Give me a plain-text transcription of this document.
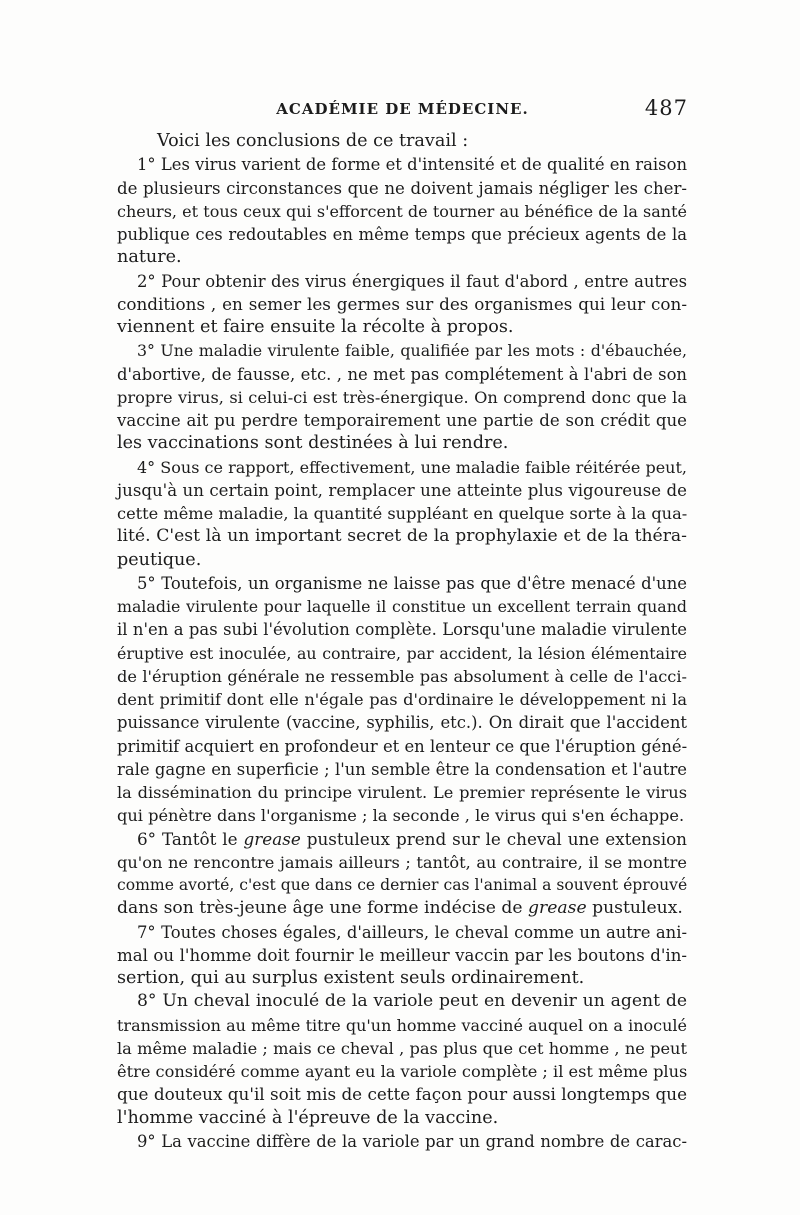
ACADÉMIE DE MÉDECINE.	487

Voici les conclusions de ce travail :

1° Les virus varient de forme et d'intensité et de qualité en raison
de plusieurs circonstances que ne doivent jamais négliger les cher-
cheurs, et tous ceux qui s'efforcent de tourner au bénéfice de la santé
publique ces redoutables en même temps que précieux agents de la
nature.

2° Pour obtenir des virus énergiques il faut d'abord , entre autres
conditions , en semer les germes sur des organismes qui leur con-
viennent et faire ensuite la récolte à propos.

3° Une maladie virulente faible, qualifiée par les mots : d'ébauchée,
d'abortive, de fausse, etc. , ne met pas complétement à l'abri de son
propre virus, si celui-ci est très-énergique. On comprend donc que la
vaccine ait pu perdre temporairement une partie de son crédit que
les vaccinations sont destinées à lui rendre.

4° Sous ce rapport, effectivement, une maladie faible réitérée peut,
jusqu'à un certain point, remplacer une atteinte plus vigoureuse de
cette même maladie, la quantité suppléant en quelque sorte à la qua-
lité. C'est là un important secret de la prophylaxie et de la théra-
peutique.

5° Toutefois, un organisme ne laisse pas que d'être menacé d'une
maladie virulente pour laquelle il constitue un excellent terrain quand
il n'en a pas subi l'évolution complète. Lorsqu'une maladie virulente
éruptive est inoculée, au contraire, par accident, la lésion élémentaire
de l'éruption générale ne ressemble pas absolument à celle de l'acci-
dent primitif dont elle n'égale pas d'ordinaire le développement ni la
puissance virulente (vaccine, syphilis, etc.). On dirait que l'accident
primitif acquiert en profondeur et en lenteur ce que l'éruption géné-
rale gagne en superficie ; l'un semble être la condensation et l'autre
la dissémination du principe virulent. Le premier représente le virus
qui pénètre dans l'organisme ; la seconde , le virus qui s'en échappe.

6° Tantôt le grease pustuleux prend sur le cheval une extension
qu'on ne rencontre jamais ailleurs ; tantôt, au contraire, il se montre
comme avorté, c'est que dans ce dernier cas l'animal a souvent éprouvé
dans son très-jeune âge une forme indécise de grease pustuleux.

7° Toutes choses égales, d'ailleurs, le cheval comme un autre ani-
mal ou l'homme doit fournir le meilleur vaccin par les boutons d'in-
sertion, qui au surplus existent seuls ordinairement.

8° Un cheval inoculé de la variole peut en devenir un agent de
transmission au même titre qu'un homme vacciné auquel on a inoculé
la même maladie ; mais ce cheval , pas plus que cet homme , ne peut
être considéré comme ayant eu la variole complète ; il est même plus
que douteux qu'il soit mis de cette façon pour aussi longtemps que
l'homme vacciné à l'épreuve de la vaccine.

9° La vaccine diffère de la variole par un grand nombre de carac-
